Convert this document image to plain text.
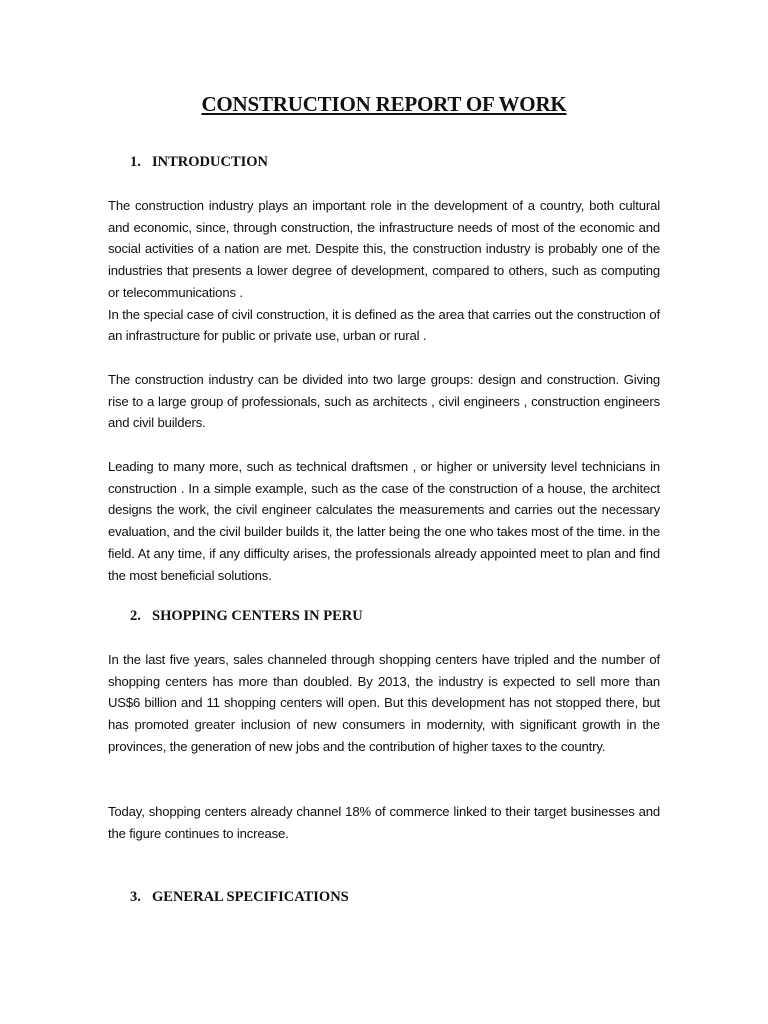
CONSTRUCTION REPORT OF WORK
1. INTRODUCTION

The construction industry plays an important role in the development of a country, both cultural and economic, since, through construction, the infrastructure needs of most of the economic and social activities of a nation are met. Despite this, the construction industry is probably one of the industries that presents a lower degree of development, compared to others, such as computing or telecommunications .
In the special case of civil construction, it is defined as the area that carries out the construction of an infrastructure for public or private use, urban or rural .

The construction industry can be divided into two large groups: design and construction. Giving rise to a large group of professionals, such as architects , civil engineers , construction engineers and civil builders.

Leading to many more, such as technical draftsmen , or higher or university level technicians in construction . In a simple example, such as the case of the construction of a house, the architect designs the work, the civil engineer calculates the measurements and carries out the necessary evaluation, and the civil builder builds it, the latter being the one who takes most of the time. in the field. At any time, if any difficulty arises, the professionals already appointed meet to plan and find the most beneficial solutions.

2. SHOPPING CENTERS IN PERU

In the last five years, sales channeled through shopping centers have tripled and the number of shopping centers has more than doubled. By 2013, the industry is expected to sell more than US$6 billion and 11 shopping centers will open. But this development has not stopped there, but has promoted greater inclusion of new consumers in modernity, with significant growth in the provinces, the generation of new jobs and the contribution of higher taxes to the country.

Today, shopping centers already channel 18% of commerce linked to their target businesses and the figure continues to increase.

3. GENERAL SPECIFICATIONS
